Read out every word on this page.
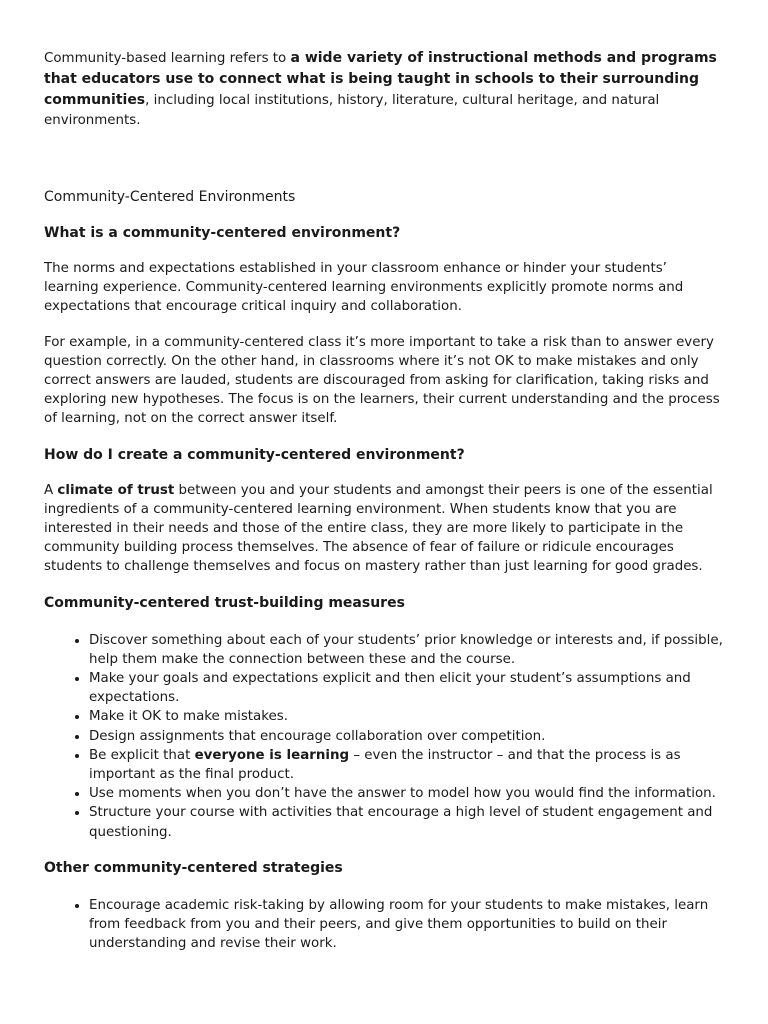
Community-based learning refers to a wide variety of instructional methods and programs that educators use to connect what is being taught in schools to their surrounding communities, including local institutions, history, literature, cultural heritage, and natural environments.

Community-Centered Environments

What is a community-centered environment?

The norms and expectations established in your classroom enhance or hinder your students’ learning experience. Community-centered learning environments explicitly promote norms and expectations that encourage critical inquiry and collaboration.

For example, in a community-centered class it’s more important to take a risk than to answer every question correctly. On the other hand, in classrooms where it’s not OK to make mistakes and only correct answers are lauded, students are discouraged from asking for clarification, taking risks and exploring new hypotheses. The focus is on the learners, their current understanding and the process of learning, not on the correct answer itself.

How do I create a community-centered environment?

A climate of trust between you and your students and amongst their peers is one of the essential ingredients of a community-centered learning environment. When students know that you are interested in their needs and those of the entire class, they are more likely to participate in the community building process themselves. The absence of fear of failure or ridicule encourages students to challenge themselves and focus on mastery rather than just learning for good grades.

Community-centered trust-building measures
• Discover something about each of your students’ prior knowledge or interests and, if possible, help them make the connection between these and the course.
• Make your goals and expectations explicit and then elicit your student’s assumptions and expectations.
• Make it OK to make mistakes.
• Design assignments that encourage collaboration over competition.
• Be explicit that everyone is learning – even the instructor – and that the process is as important as the final product.
• Use moments when you don’t have the answer to model how you would find the information.
• Structure your course with activities that encourage a high level of student engagement and questioning.
Other community-centered strategies
• Encourage academic risk-taking by allowing room for your students to make mistakes, learn from feedback from you and their peers, and give them opportunities to build on their understanding and revise their work.
